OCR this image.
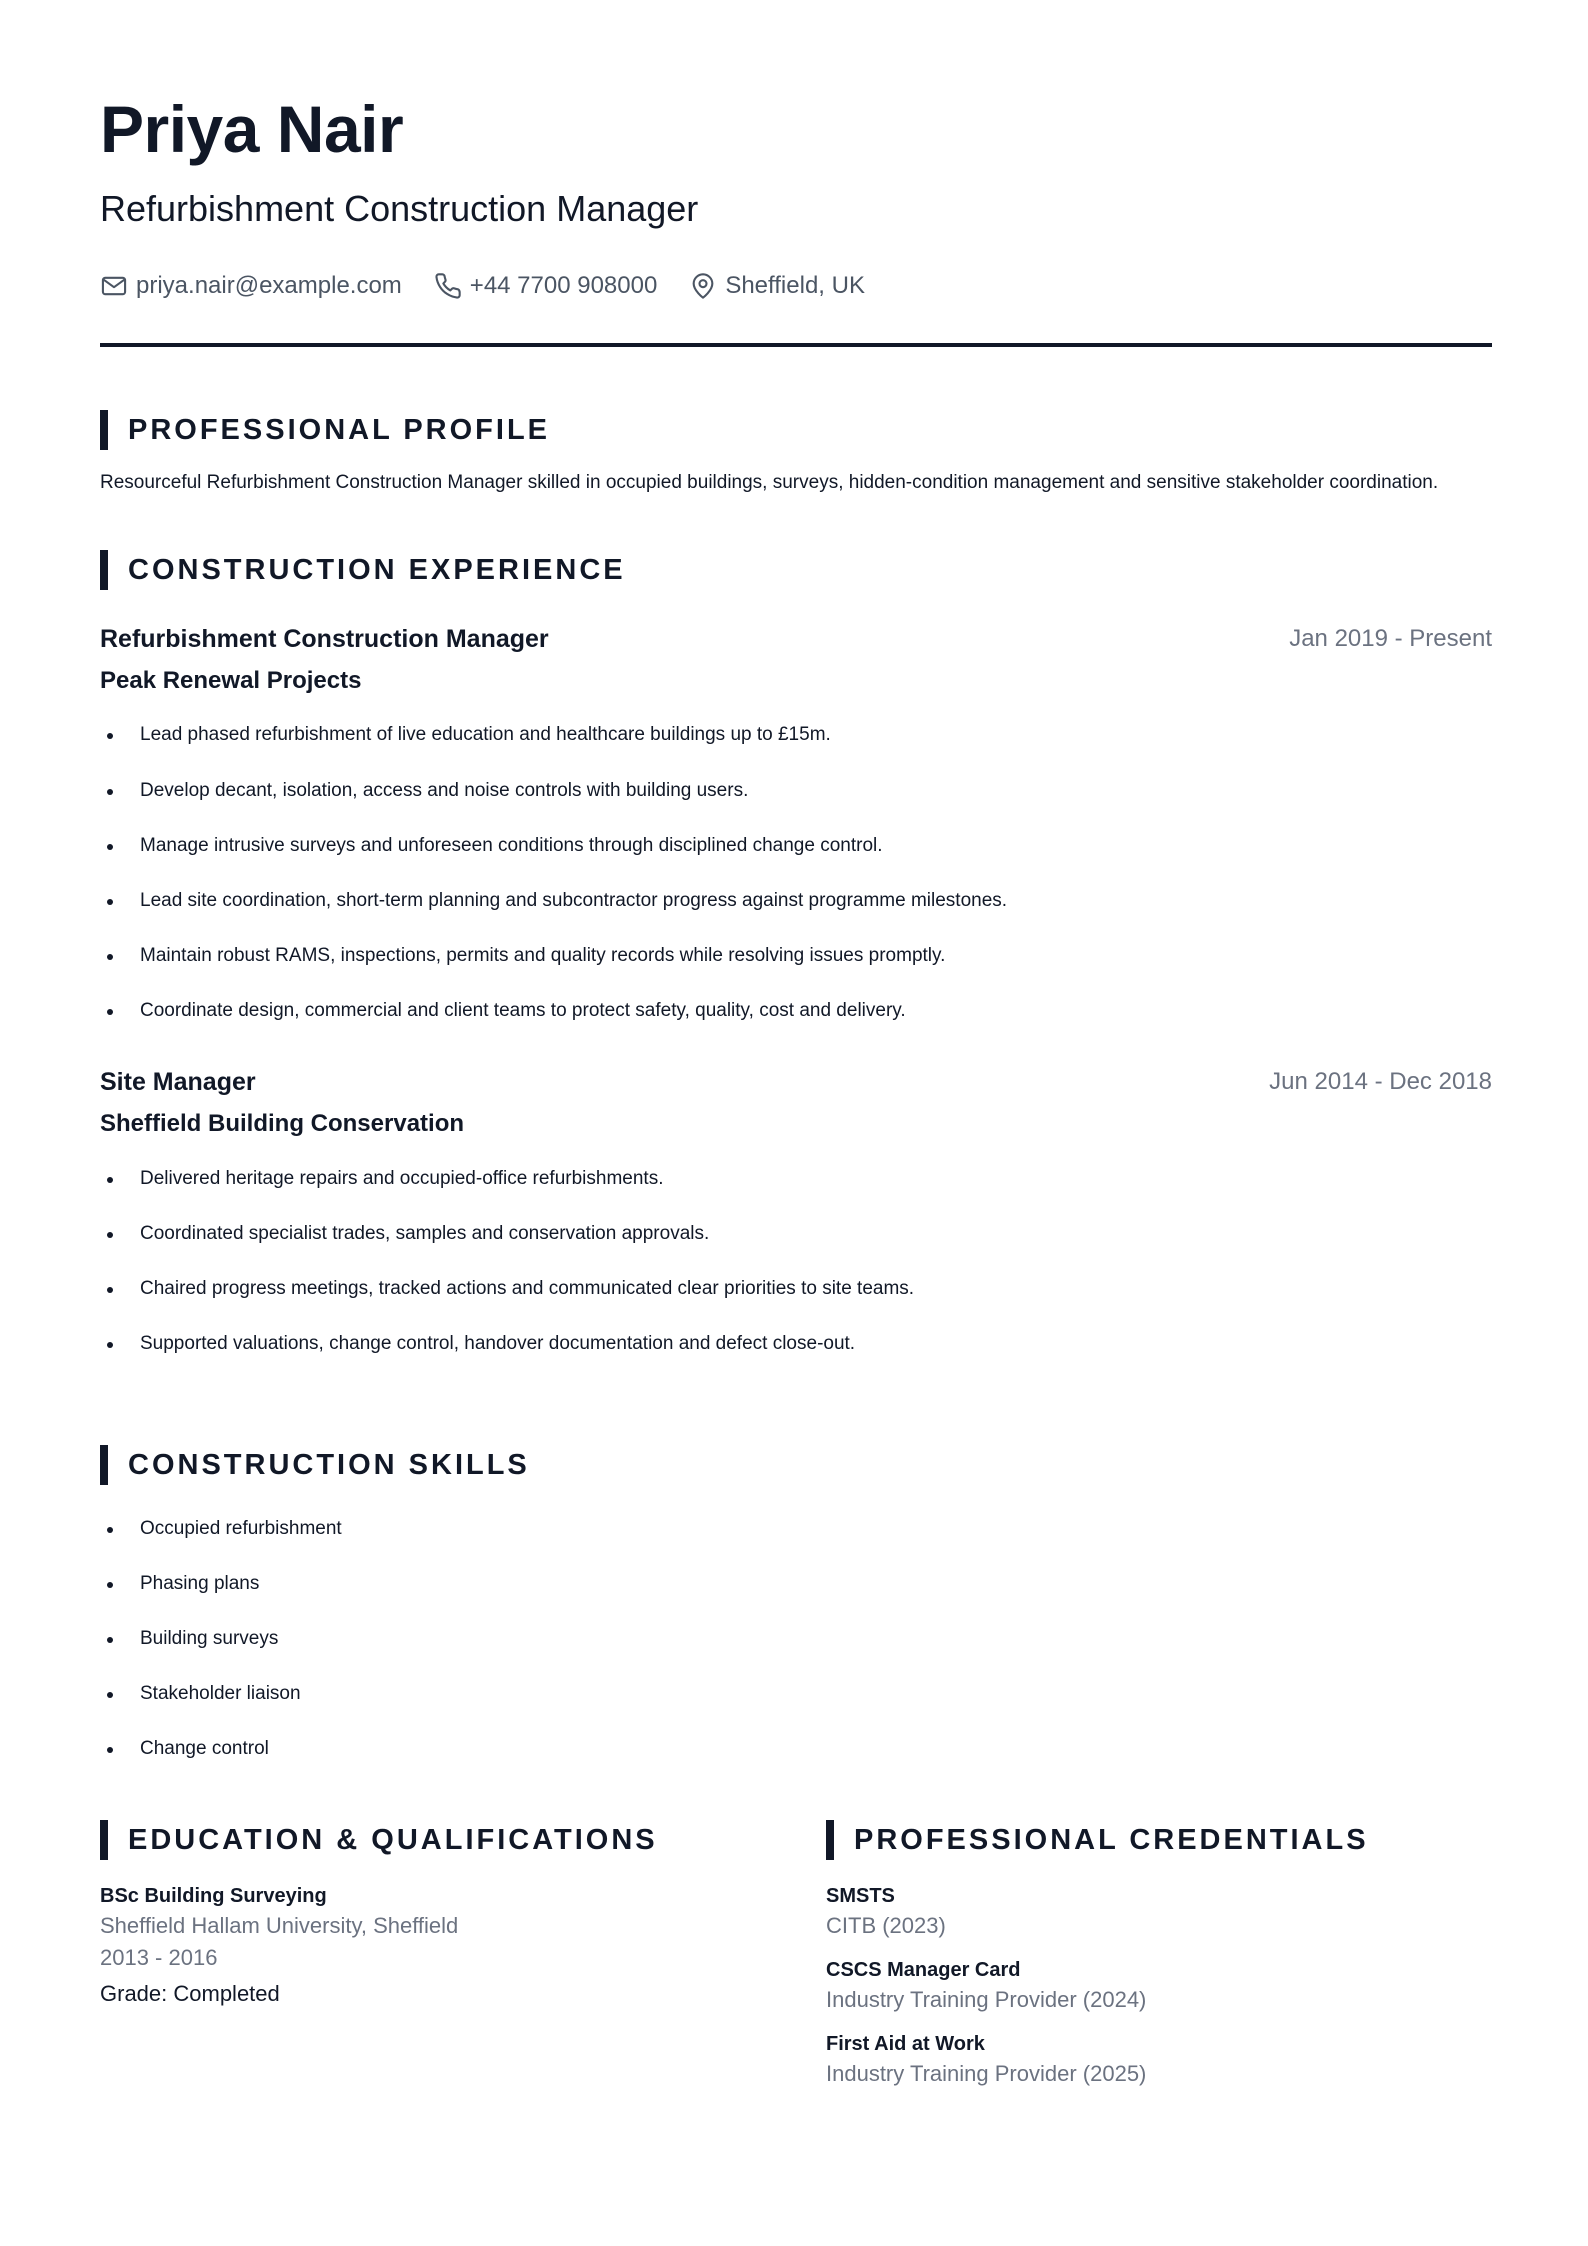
Priya Nair
Refurbishment Construction Manager
priya.nair@example.com	+44 7700 908000	Sheffield, UK
PROFESSIONAL PROFILE
Resourceful Refurbishment Construction Manager skilled in occupied buildings, surveys, hidden-condition management and sensitive stakeholder coordination.
CONSTRUCTION EXPERIENCE
Refurbishment Construction Manager	Jan 2019 - Present
Peak Renewal Projects
Lead phased refurbishment of live education and healthcare buildings up to £15m.
Develop decant, isolation, access and noise controls with building users.
Manage intrusive surveys and unforeseen conditions through disciplined change control.
Lead site coordination, short-term planning and subcontractor progress against programme milestones.
Maintain robust RAMS, inspections, permits and quality records while resolving issues promptly.
Coordinate design, commercial and client teams to protect safety, quality, cost and delivery.
Site Manager	Jun 2014 - Dec 2018
Sheffield Building Conservation
Delivered heritage repairs and occupied-office refurbishments.
Coordinated specialist trades, samples and conservation approvals.
Chaired progress meetings, tracked actions and communicated clear priorities to site teams.
Supported valuations, change control, handover documentation and defect close-out.
CONSTRUCTION SKILLS
Occupied refurbishment
Phasing plans
Building surveys
Stakeholder liaison
Change control
EDUCATION & QUALIFICATIONS
BSc Building Surveying
Sheffield Hallam University, Sheffield
2013 - 2016
Grade: Completed
PROFESSIONAL CREDENTIALS
SMSTS
CITB (2023)
CSCS Manager Card
Industry Training Provider (2024)
First Aid at Work
Industry Training Provider (2025)
